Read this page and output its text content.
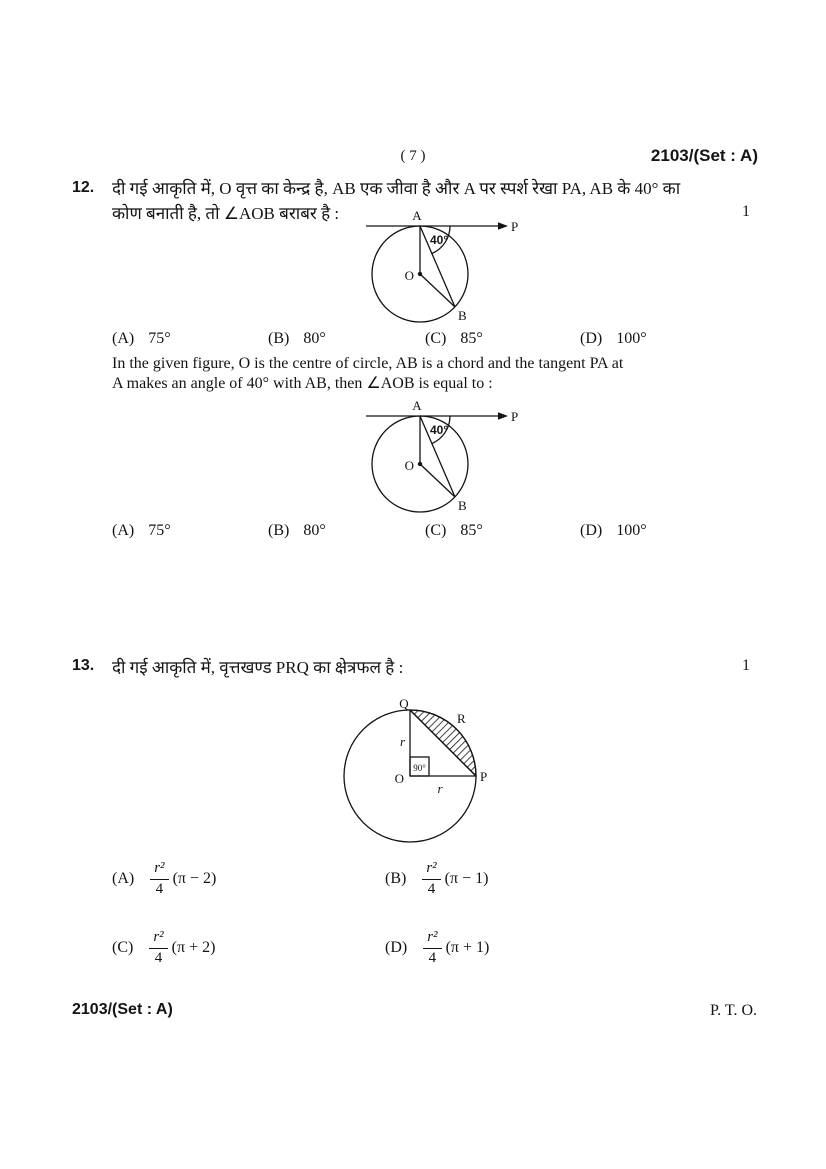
( 7 )	2103/(Set : A)
12. दी गई आकृति में, O वृत्त का केन्द्र है, AB एक जीवा है और A पर स्पर्श रेखा PA, AB के 40° का
कोण बनाती है, तो ∠AOB बराबर है :	1
A
P
O
B
40°
(A) 75°	(B) 80°	(C) 85°	(D) 100°
In the given figure, O is the centre of circle, AB is a chord and the tangent PA at
A makes an angle of 40° with AB, then ∠AOB is equal to :
A
P
O
B
40°
(A) 75°	(B) 80°	(C) 85°	(D) 100°
13. दी गई आकृति में, वृत्तखण्ड PRQ का क्षेत्रफल है :	1
Q
R
O	P
r
r
90°
$(A) \frac{\text{r²}}{4} (\pi - 2)$	$(B) \frac{\text{r²}}{4} (\pi - 1)$
$(C) \frac{\text{r²}}{4} (\pi + 2)$	$(D) \frac{\text{r²}}{4} (\pi + 1)$
2103/(Set : A)	P. T. O.
